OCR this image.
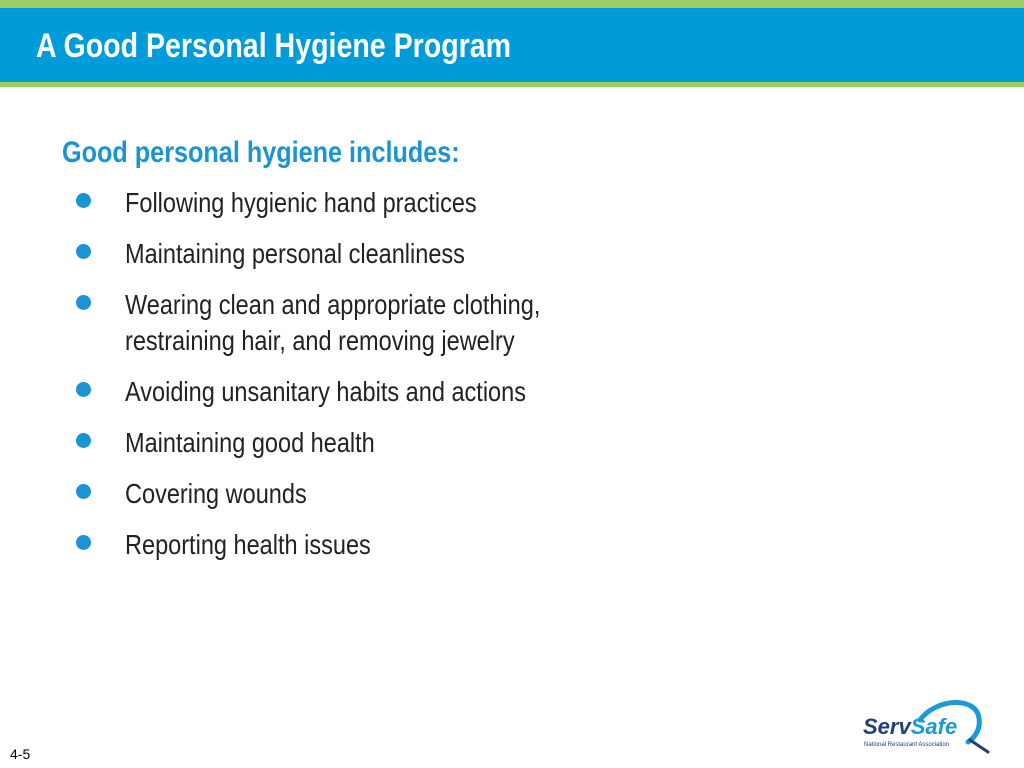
A Good Personal Hygiene Program
Good personal hygiene includes:
Following hygienic hand practices
Maintaining personal cleanliness
Wearing clean and appropriate clothing,
restraining hair, and removing jewelry
Avoiding unsanitary habits and actions
Maintaining good health
Covering wounds
Reporting health issues
4-5
ServSafe
National Restaurant Association
